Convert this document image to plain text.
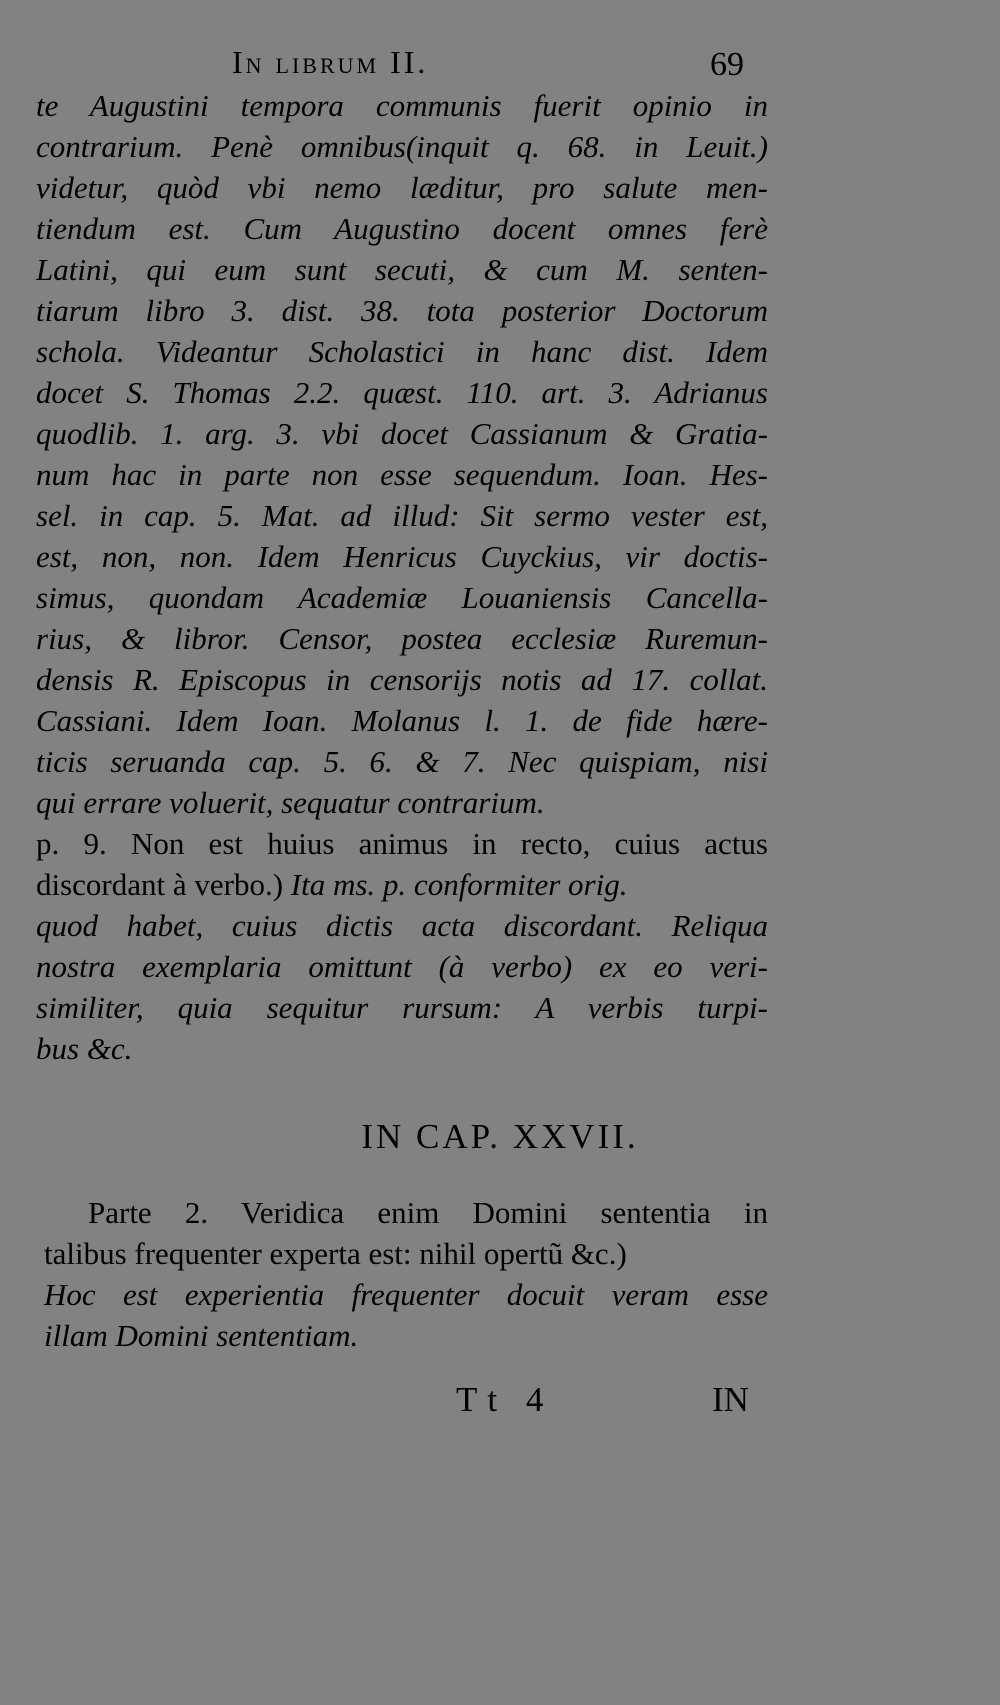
In librum II.	69
te Augustini tempora communis fuerit opinio in
contrarium. Penè omnibus(inquit q. 68. in Leuit.)
videtur, quòd vbi nemo læditur, pro salute men-
tiendum est. Cum Augustino docent omnes ferè
Latini, qui eum sunt secuti, & cum M. senten-
tiarum libro 3. dist. 38. tota posterior Doctorum
schola. Videantur Scholastici in hanc dist. Idem
docet S. Thomas 2.2. quæst. 110. art. 3. Adrianus
quodlib. 1. arg. 3. vbi docet Cassianum & Gratia-
num hac in parte non esse sequendum. Ioan. Hes-
sel. in cap. 5. Mat. ad illud: Sit sermo vester est,
est, non, non. Idem Henricus Cuyckius, vir doctis-
simus, quondam Academiæ Louaniensis Cancella-
rius, & libror. Censor, postea ecclesiæ Ruremun-
densis R. Episcopus in censorijs notis ad 17. collat.
Cassiani. Idem Ioan. Molanus l. 1. de fide hære-
ticis seruanda cap. 5. 6. & 7. Nec quispiam, nisi
qui errare voluerit, sequatur contrarium.
p. 9. Non est huius animus in recto, cuius actus
discordant à verbo.) Ita ms. p. conformiter orig.
quod habet, cuius dictis acta discordant. Reliqua
nostra exemplaria omittunt (à verbo) ex eo veri-
similiter, quia sequitur rursum: A verbis turpi-
bus &c.
IN CAP. XXVII.
Parte 2. Veridica enim Domini sententia in
talibus frequenter experta est: nihil opertũ &c.)
Hoc est experientia frequenter docuit veram esse
illam Domini sententiam.
Tt 4	IN
